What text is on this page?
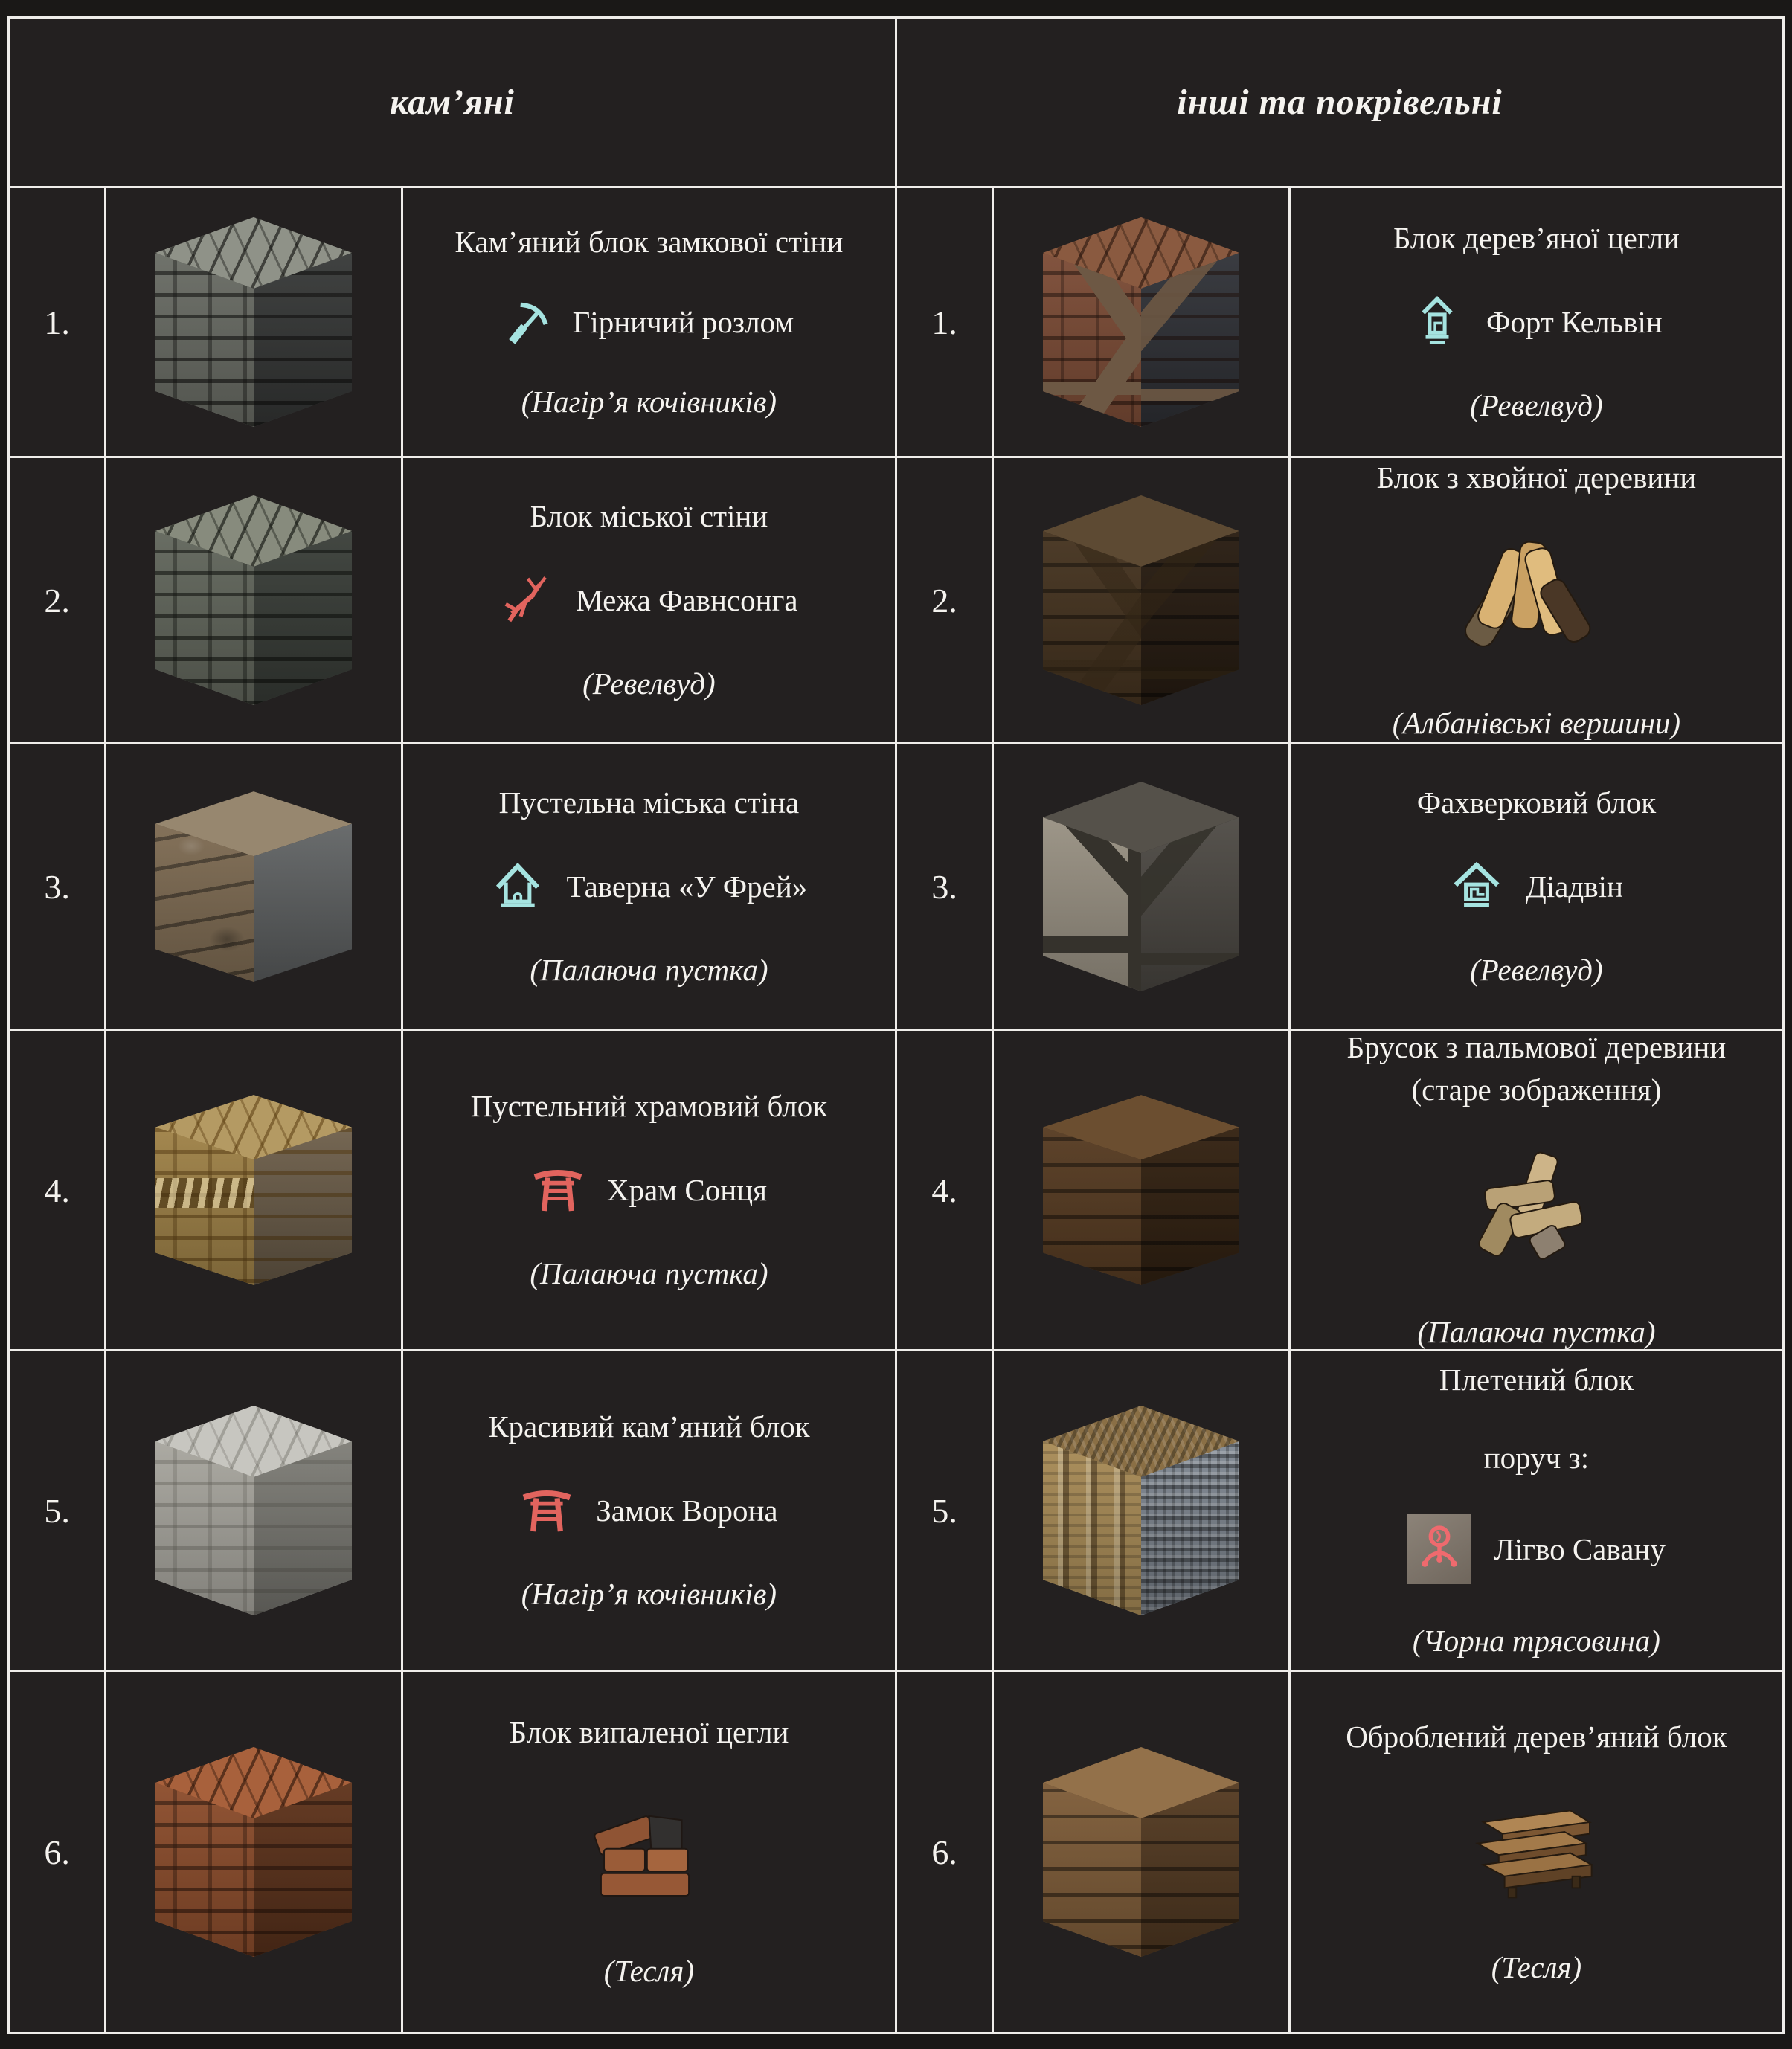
кам’яні	інші та покрівельні
1.
Кам’яний блок замкової стіни
Гірничий розлом
(Нагір’я кочівників)
1.
Блок дерев’яної цегли
Форт Кельвін
(Ревелвуд)
2.
Блок міської стіни
Межа Фавнсонга
(Ревелвуд)
2.
Блок з хвойної деревини
(Албанівські вершини)
3.
Пустельна міська стіна
Таверна «У Фрей»
(Палаюча пустка)
3.
Фахверковий блок
Діадвін
(Ревелвуд)
4.
Пустельний храмовий блок
Храм Сонця
(Палаюча пустка)
4.
Брусок з пальмової деревини (старе зображення)
(Палаюча пустка)
5.
Красивий кам’яний блок
Замок Ворона
(Нагір’я кочівників)
5.
Плетений блок
поруч з:
Лігво Савану
(Чорна трясовина)
6.
Блок випаленої цегли
(Тесля)
6.
Оброблений дерев’яний блок
(Тесля)
